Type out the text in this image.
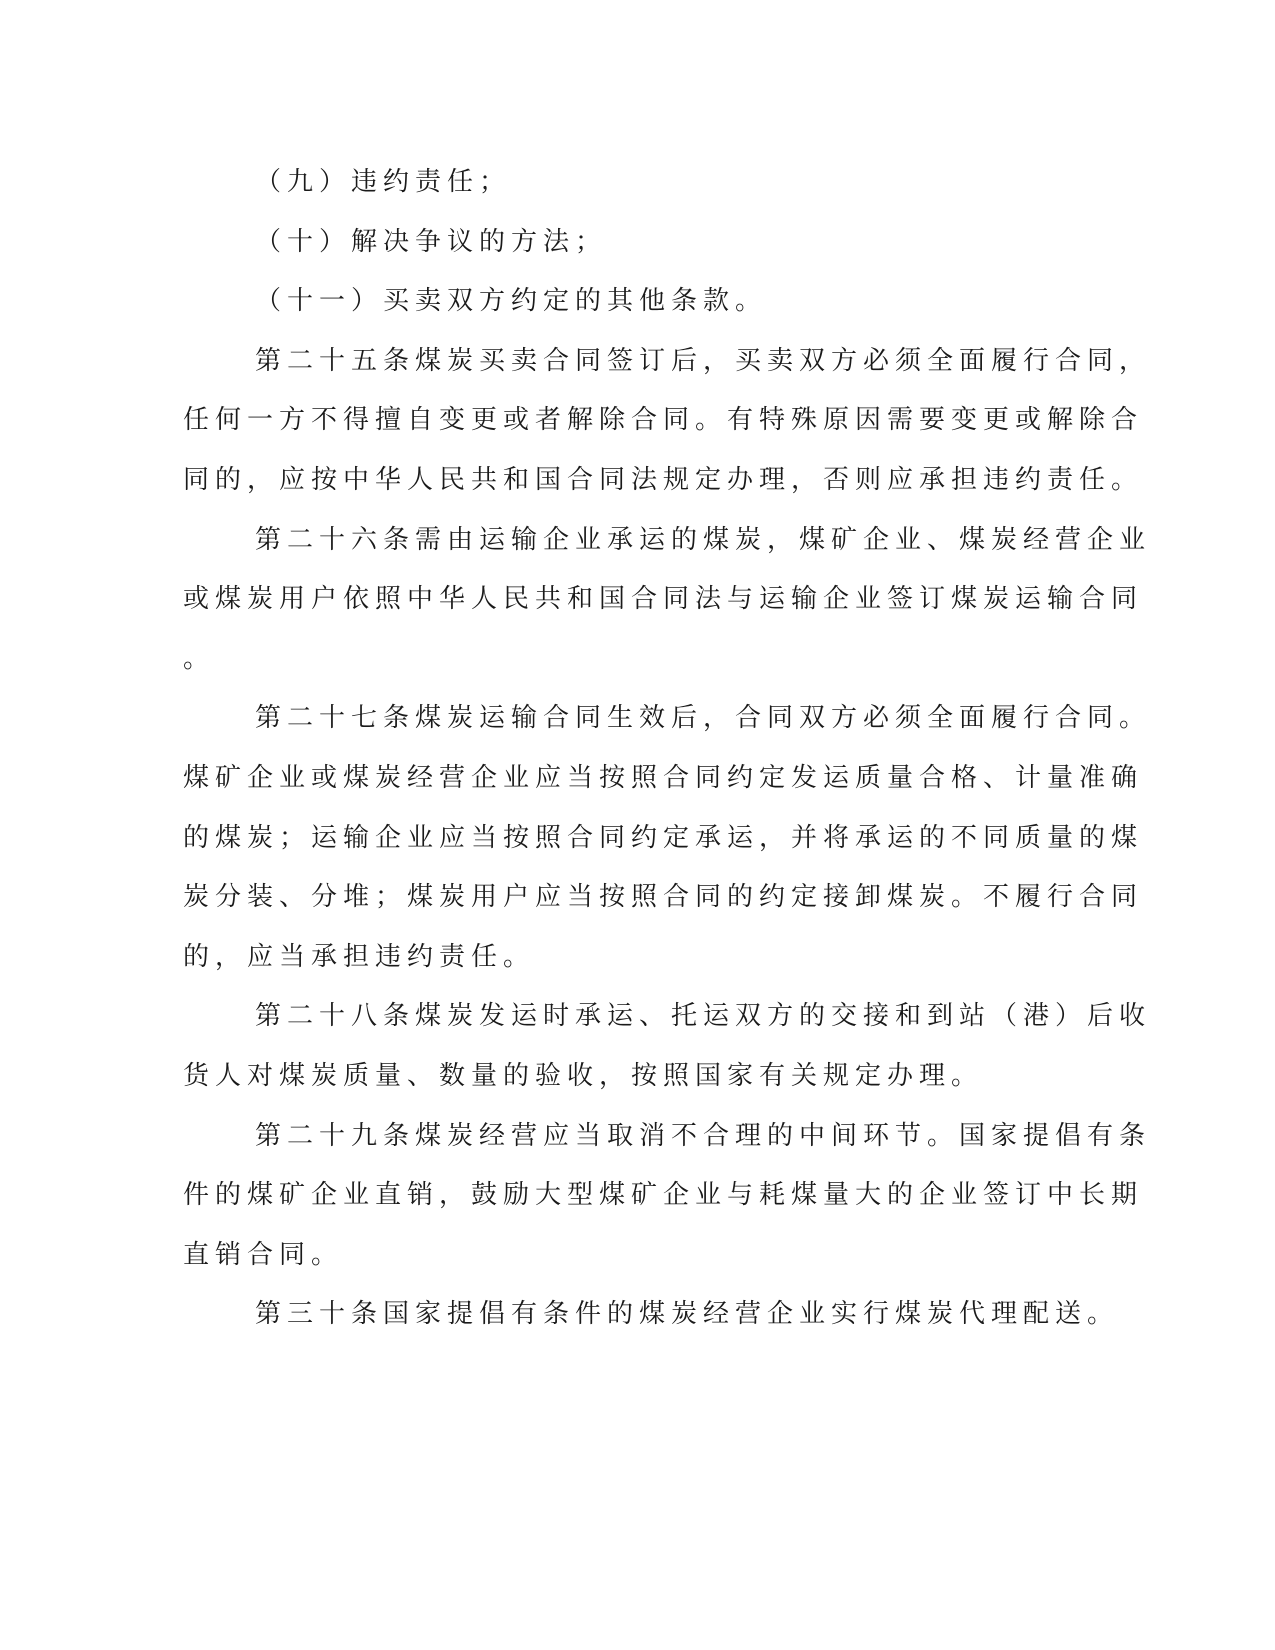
（九）违约责任；
（十）解决争议的方法；
（十一）买卖双方约定的其他条款。
第二十五条煤炭买卖合同签订后，买卖双方必须全面履行合同，
任何一方不得擅自变更或者解除合同。有特殊原因需要变更或解除合
同的，应按中华人民共和国合同法规定办理，否则应承担违约责任。
第二十六条需由运输企业承运的煤炭，煤矿企业、煤炭经营企业
或煤炭用户依照中华人民共和国合同法与运输企业签订煤炭运输合同
。
第二十七条煤炭运输合同生效后，合同双方必须全面履行合同。
煤矿企业或煤炭经营企业应当按照合同约定发运质量合格、计量准确
的煤炭；运输企业应当按照合同约定承运，并将承运的不同质量的煤
炭分装、分堆；煤炭用户应当按照合同的约定接卸煤炭。不履行合同
的，应当承担违约责任。
第二十八条煤炭发运时承运、托运双方的交接和到站（港）后收
货人对煤炭质量、数量的验收，按照国家有关规定办理。
第二十九条煤炭经营应当取消不合理的中间环节。国家提倡有条
件的煤矿企业直销，鼓励大型煤矿企业与耗煤量大的企业签订中长期
直销合同。
第三十条国家提倡有条件的煤炭经营企业实行煤炭代理配送。
